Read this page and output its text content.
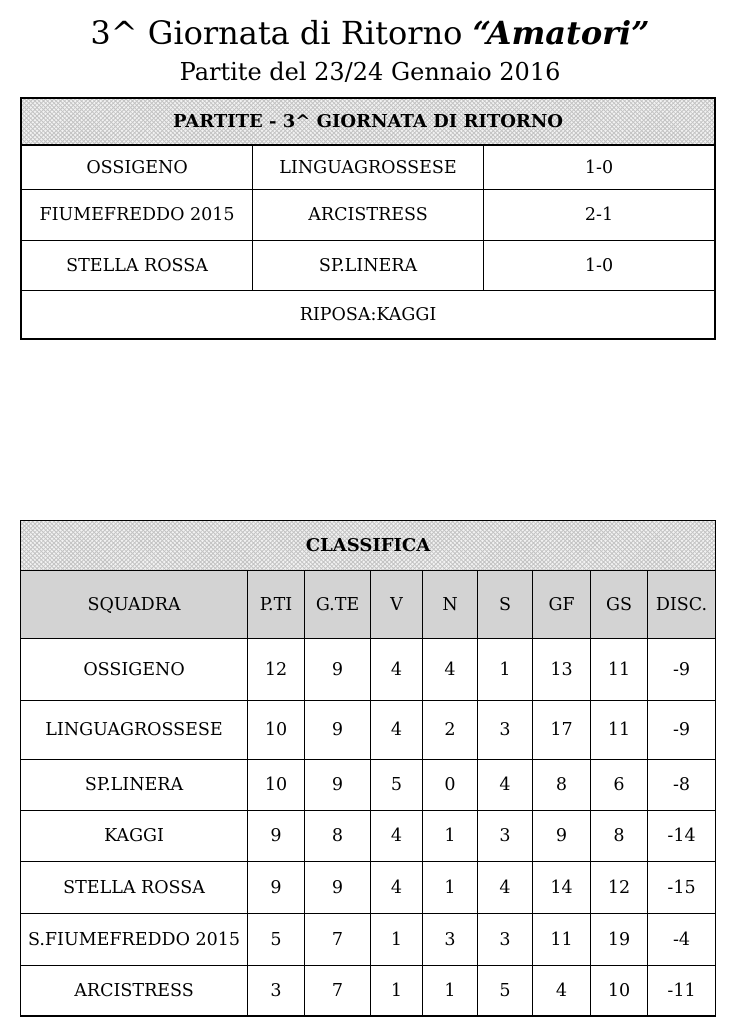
3^ Giornata di Ritorno “Amatori”
Partite del 23/24 Gennaio 2016
PARTITE - 3^ GIORNATA DI RITORNO
OSSIGENO	LINGUAGROSSESE	1-0
FIUMEFREDDO 2015	ARCISTRESS	2-1
STELLA ROSSA	SP.LINERA	1-0
RIPOSA:KAGGI
CLASSIFICA
SQUADRA	P.TI	G.TE	V	N	S	GF	GS	DISC.
OSSIGENO	12	9	4	4	1	13	11	-9
LINGUAGROSSESE	10	9	4	2	3	17	11	-9
SP.LINERA	10	9	5	0	4	8	6	-8
KAGGI	9	8	4	1	3	9	8	-14
STELLA ROSSA	9	9	4	1	4	14	12	-15
S.FIUMEFREDDO 2015	5	7	1	3	3	11	19	-4
ARCISTRESS	3	7	1	1	5	4	10	-11
